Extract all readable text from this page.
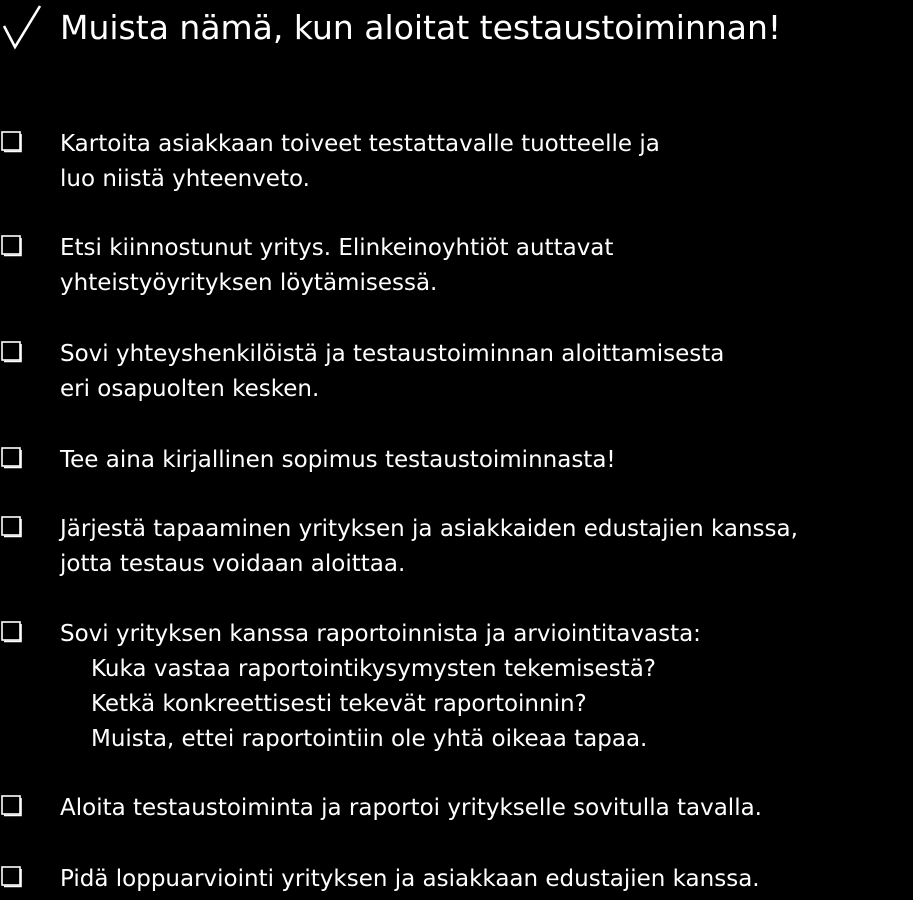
Muista nämä, kun aloitat testaustoiminnan!
Kartoita asiakkaan toiveet testattavalle tuotteelle ja
luo niistä yhteenveto.
Etsi kiinnostunut yritys. Elinkeinoyhtiöt auttavat
yhteistyöyrityksen löytämisessä.
Sovi yhteyshenkilöistä ja testaustoiminnan aloittamisesta
eri osapuolten kesken.
Tee aina kirjallinen sopimus testaustoiminnasta!
Järjestä tapaaminen yrityksen ja asiakkaiden edustajien kanssa,
jotta testaus voidaan aloittaa.
Sovi yrityksen kanssa raportoinnista ja arviointitavasta:
Kuka vastaa raportointikysymysten tekemisestä?
Ketkä konkreettisesti tekevät raportoinnin?
Muista, ettei raportointiin ole yhtä oikeaa tapaa.
Aloita testaustoiminta ja raportoi yritykselle sovitulla tavalla.
Pidä loppuarviointi yrityksen ja asiakkaan edustajien kanssa.
